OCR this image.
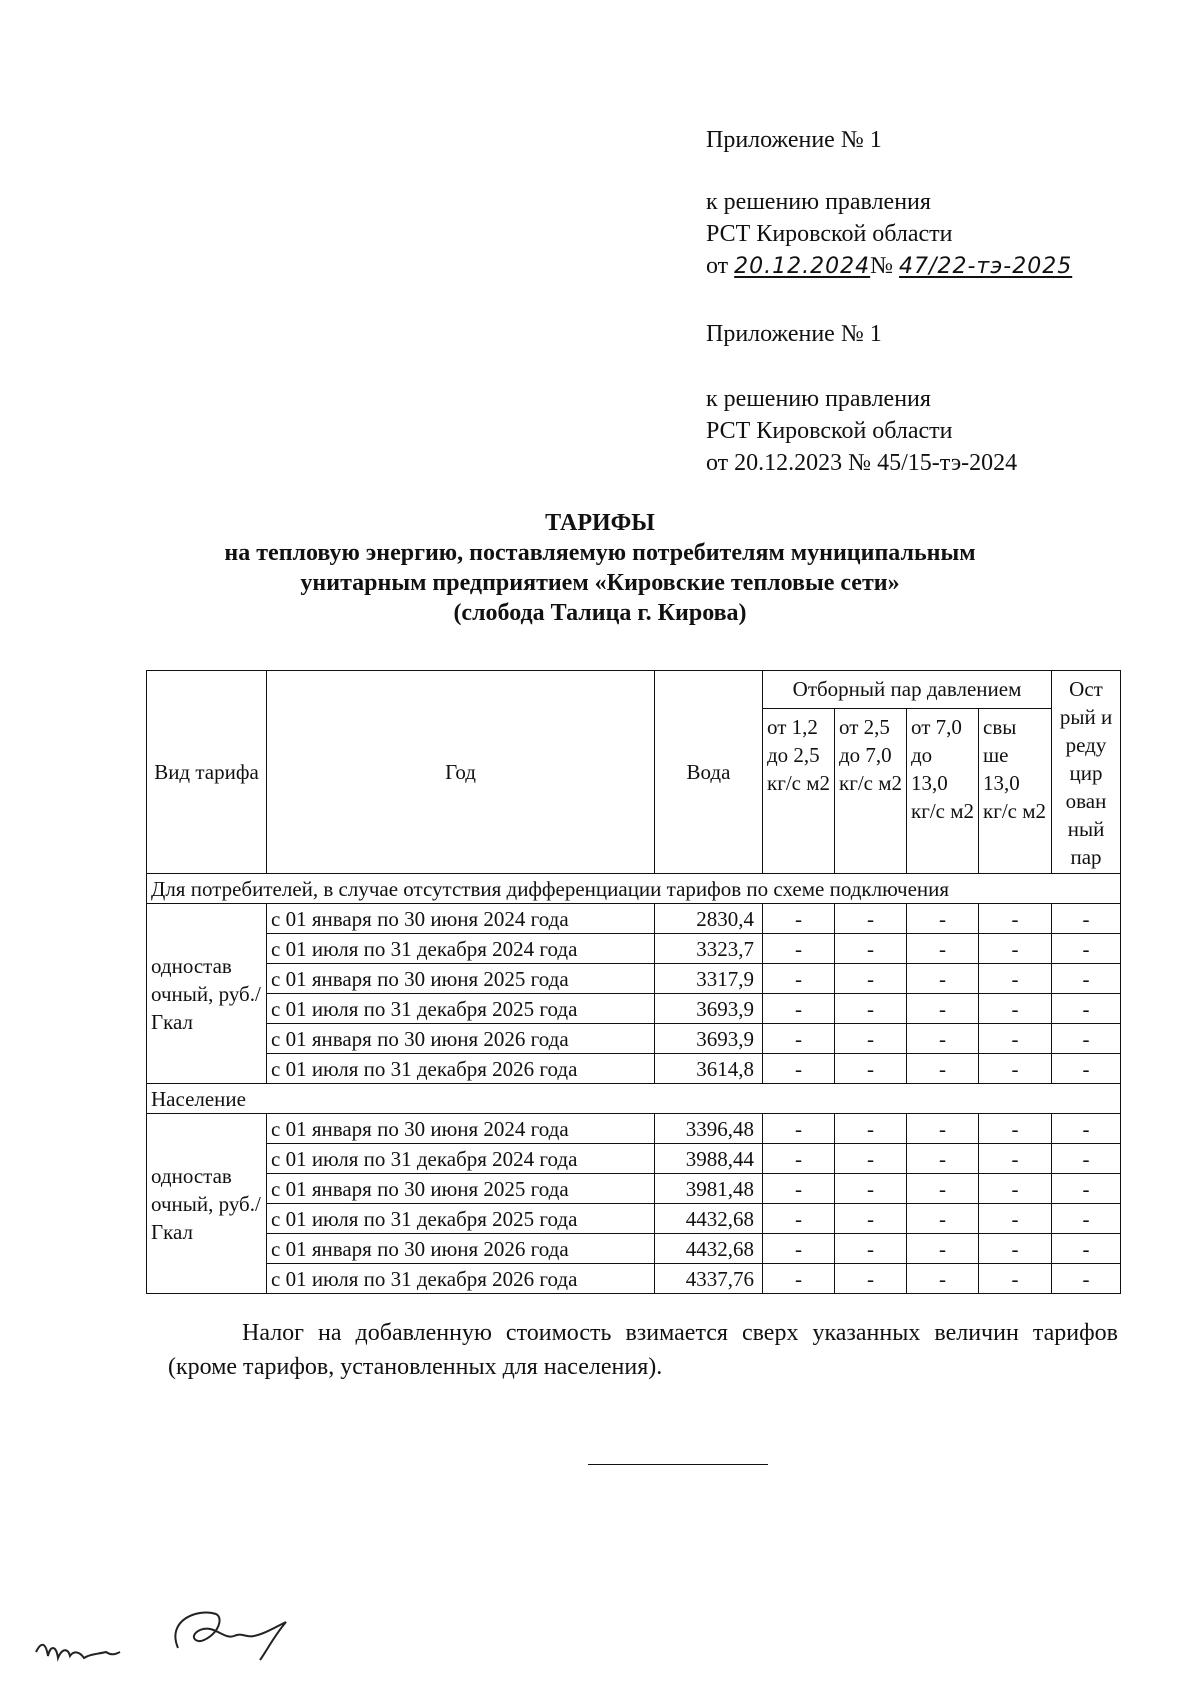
Приложение № 1
к решению правления
РСТ Кировской области
от 20.12.2024№ 47/22-тэ-2025
Приложение № 1
к решению правления
РСТ Кировской области
от 20.12.2023 № 45/15-тэ-2024
ТАРИФЫ
на тепловую энергию, поставляемую потребителям муниципальным
унитарным предприятием «Кировские тепловые сети»
(слобода Талица г. Кирова)
Вид тарифа	Год	Вода	Отборный пар давлением				Ост рый и реду цир ован ный пар
			от 1,2 до 2,5 кг/с м2	от 2,5 до 7,0 кг/с м2	от 7,0 до 13,0 кг/с м2	свы ше 13,0 кг/с м2	
Для потребителей, в случае отсутствия дифференциации тарифов по схеме подключения							
одностав очный, руб./Гкал	с 01 января по 30 июня 2024 года	2830,4	-	-	-	-	-
	с 01 июля по 31 декабря 2024 года	3323,7	-	-	-	-	-
	с 01 января по 30 июня 2025 года	3317,9	-	-	-	-	-
	с 01 июля по 31 декабря 2025 года	3693,9	-	-	-	-	-
	с 01 января по 30 июня 2026 года	3693,9	-	-	-	-	-
	с 01 июля по 31 декабря 2026 года	3614,8	-	-	-	-	-
Население							
одностав очный, руб./Гкал	с 01 января по 30 июня 2024 года	3396,48	-	-	-	-	-
	с 01 июля по 31 декабря 2024 года	3988,44	-	-	-	-	-
	с 01 января по 30 июня 2025 года	3981,48	-	-	-	-	-
	с 01 июля по 31 декабря 2025 года	4432,68	-	-	-	-	-
	с 01 января по 30 июня 2026 года	4432,68	-	-	-	-	-
	с 01 июля по 31 декабря 2026 года	4337,76	-	-	-	-	-
Налог на добавленную стоимость взимается сверх указанных величин тарифов (кроме тарифов, установленных для населения).
